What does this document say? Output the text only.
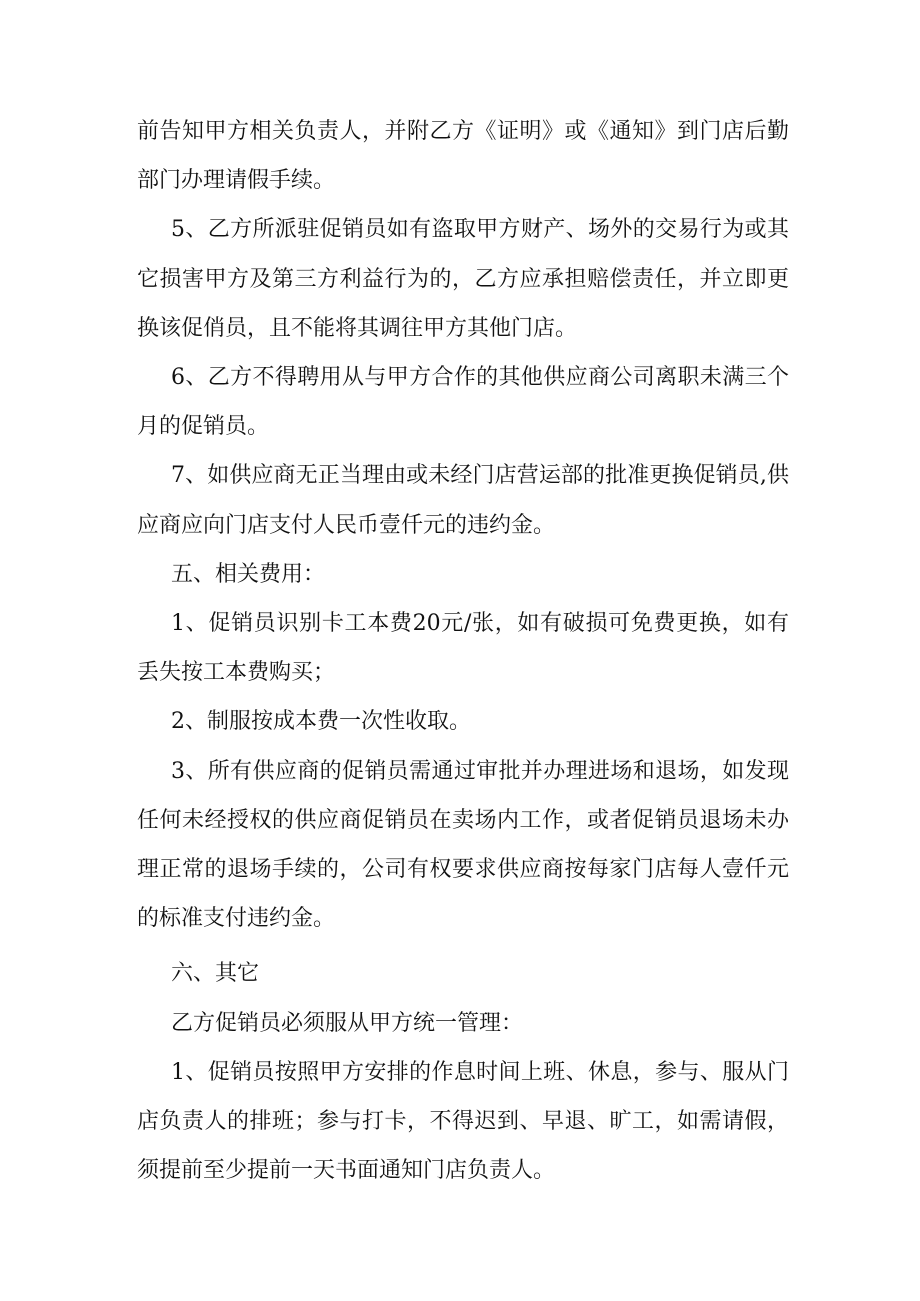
前告知甲方相关负责人，并附乙方《证明》或《通知》到门店后勤部门办理请假手续。

5、乙方所派驻促销员如有盗取甲方财产、场外的交易行为或其它损害甲方及第三方利益行为的，乙方应承担赔偿责任，并立即更换该促俏员，且不能将其调往甲方其他门店。

6、乙方不得聘用从与甲方合作的其他供应商公司离职未满三个月的促销员。

7、如供应商无正当理由或未经门店营运部的批准更换促销员,供应商应向门店支付人民币壹仟元的违约金。

五、相关费用：

1、促销员识别卡工本费20元/张，如有破损可免费更换，如有丢失按工本费购买；

2、制服按成本费一次性收取。

3、所有供应商的促销员需通过审批并办理进场和退场，如发现任何未经授权的供应商促销员在卖场内工作，或者促销员退场未办理正常的退场手续的，公司有权要求供应商按每家门店每人壹仟元的标准支付违约金。

六、其它

乙方促销员必须服从甲方统一管理：

1、促销员按照甲方安排的作息时间上班、休息，参与、服从门店负责人的排班；参与打卡，不得迟到、早退、旷工，如需请假，须提前至少提前一天书面通知门店负责人。
